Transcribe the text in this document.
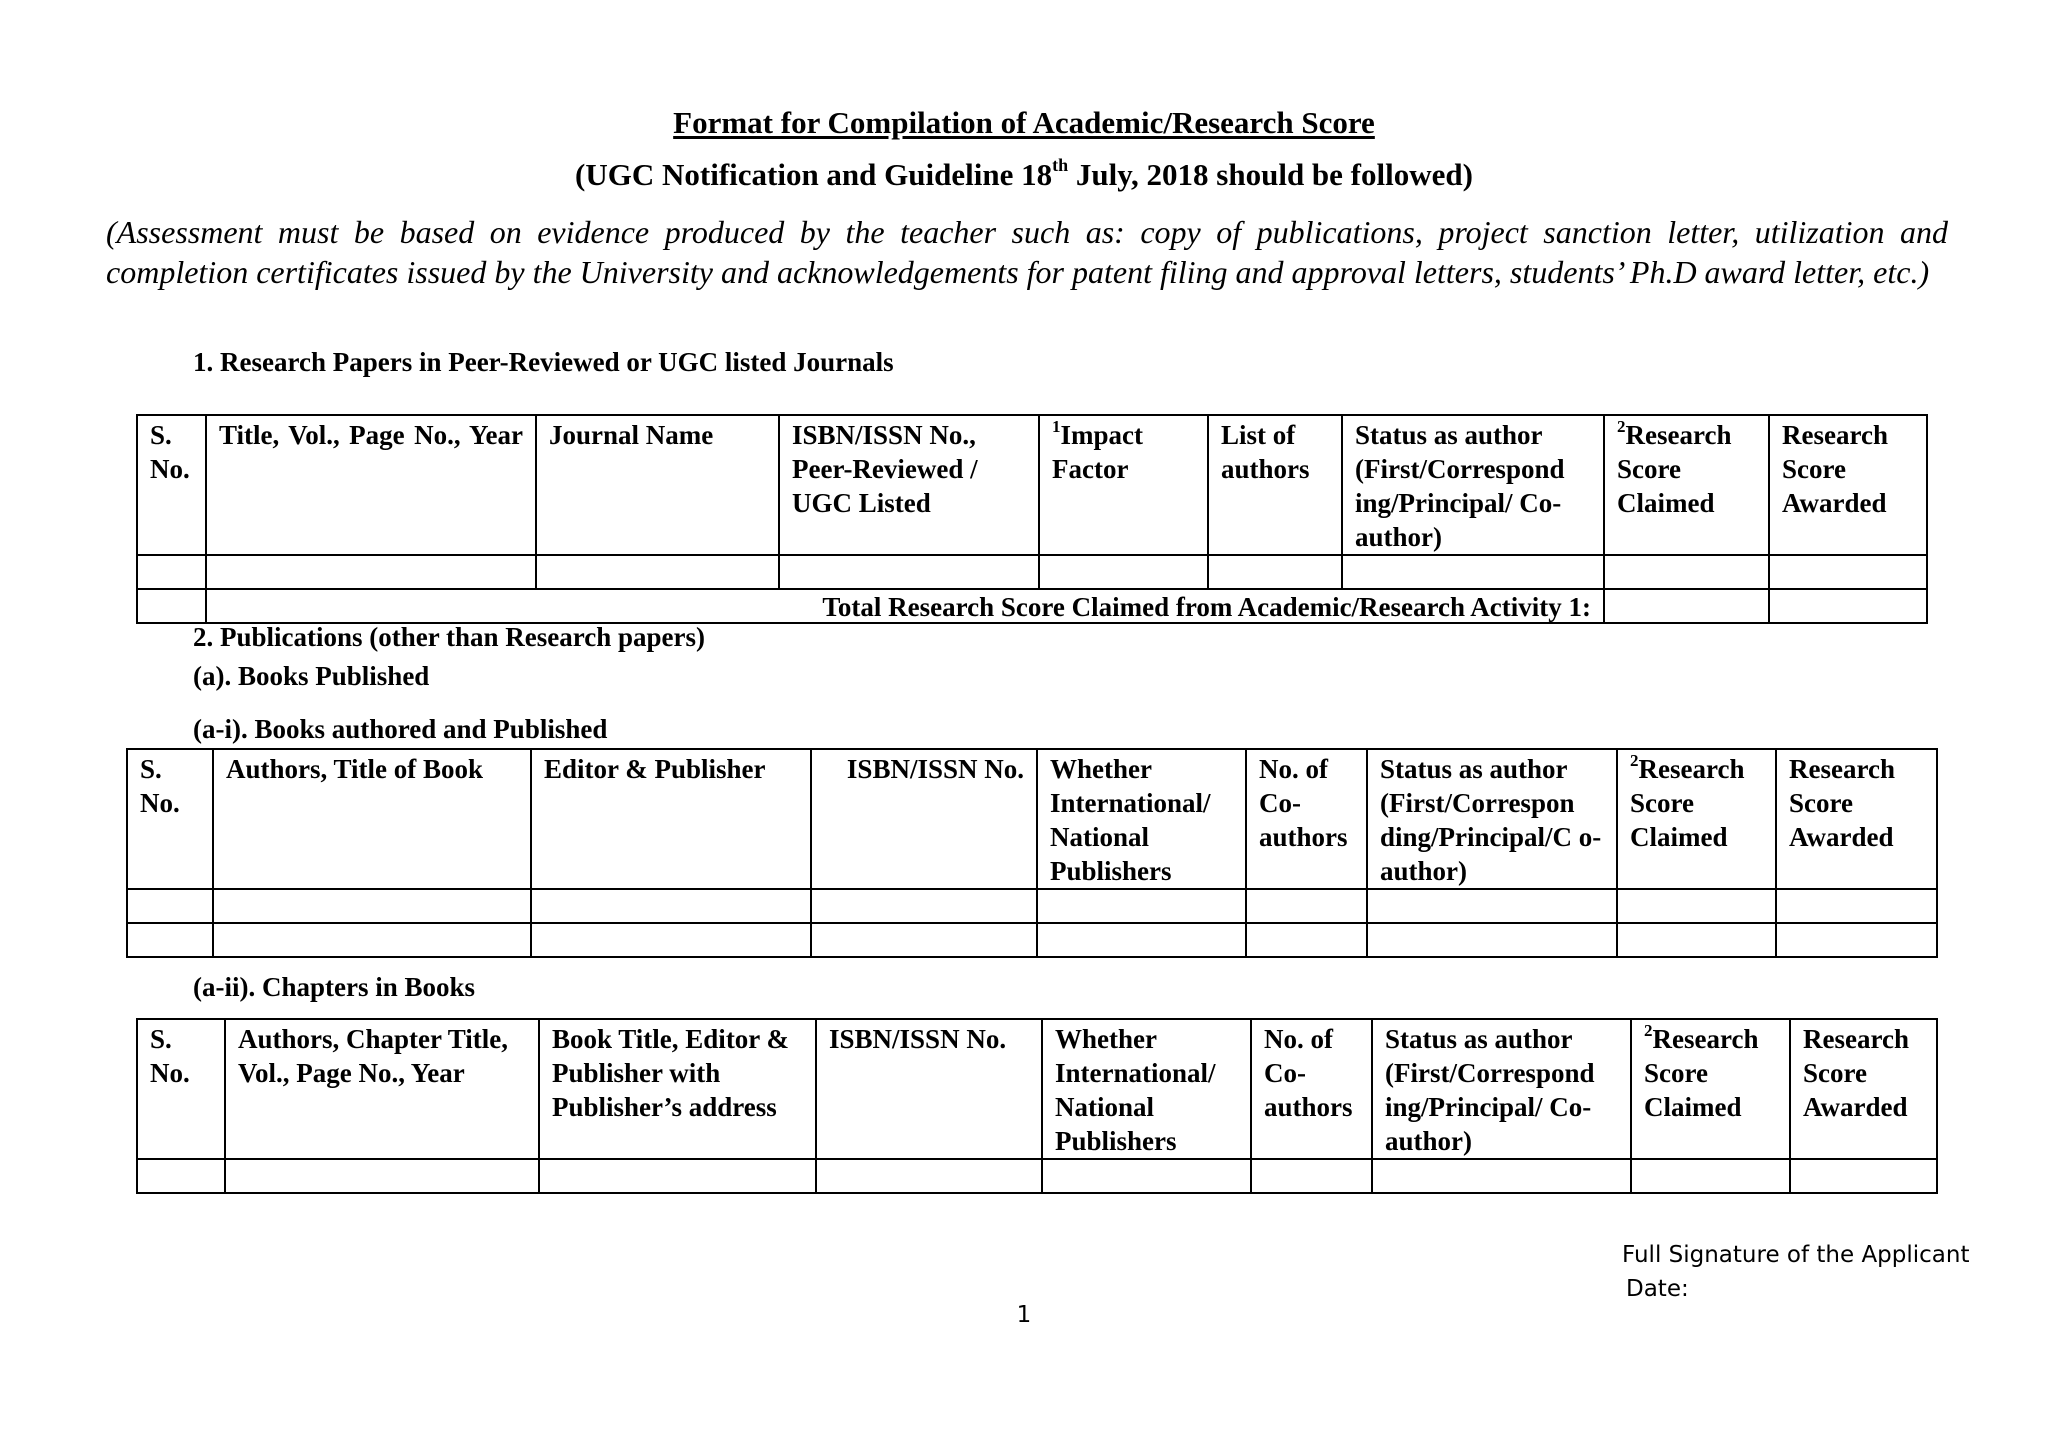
Format for Compilation of Academic/Research Score
(UGC Notification and Guideline 18th July, 2018 should be followed)
(Assessment must be based on evidence produced by the teacher such as: copy of publications, project sanction letter, utilization and completion certificates issued by the University and acknowledgements for patent filing and approval letters, students’ Ph.D award letter, etc.)
1. Research Papers in Peer-Reviewed or UGC listed Journals
S. No.	Title, Vol., Page No., Year	Journal Name	ISBN/ISSN No., Peer-Reviewed / UGC Listed	$^1$Impact Factor	List of authors	Status as author (First/Correspond ing/Principal/ Co-author)	$^2$Research Score Claimed	Research Score Awarded

	Total Research Score Claimed from Academic/Research Activity 1:							
2. Publications (other than Research papers)
(a). Books Published
(a-i). Books authored and Published
S. No.	Authors, Title of Book	Editor & Publisher	ISBN/ISSN No.	Whether International/ National Publishers	No. of Co-authors	Status as author (First/Correspon ding/Principal/C o-author)	$^2$Research Score Claimed	Research Score Awarded

(a-ii). Chapters in Books
S. No.	Authors, Chapter Title, Vol., Page No., Year	Book Title, Editor & Publisher with Publisher’s address	ISBN/ISSN No.	Whether International/ National Publishers	No. of Co-authors	Status as author (First/Correspond ing/Principal/ Co-author)	$^2$Research Score Claimed	Research Score Awarded

Full Signature of the Applicant
Date:
1
